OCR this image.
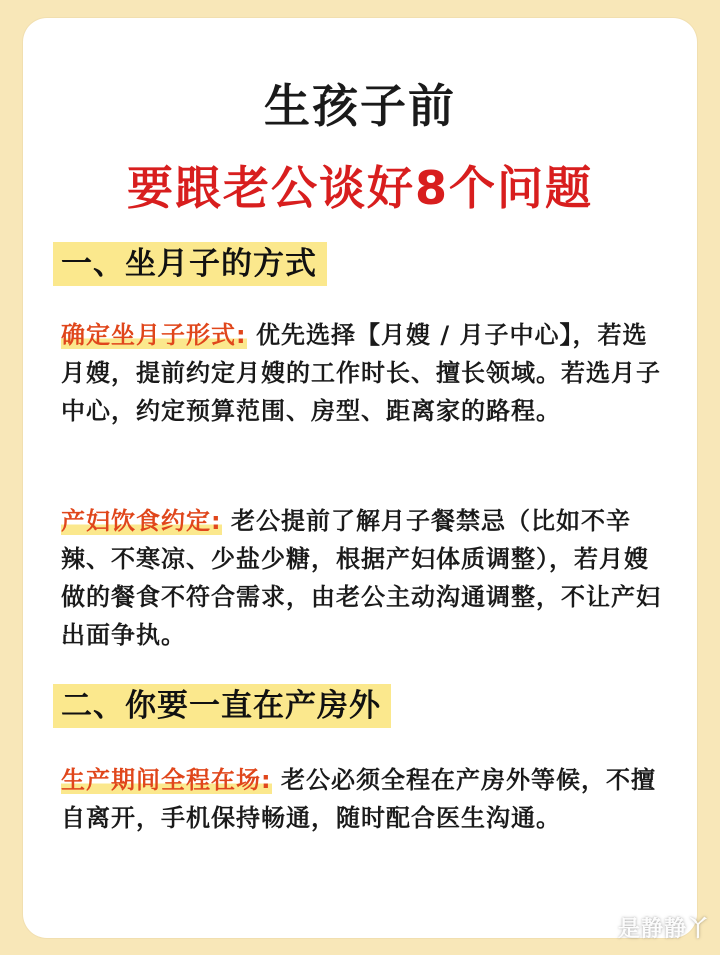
生孩子前
要跟老公谈好8个问题
一、坐月子的方式
确定坐月子形式: 优先选择【月嫂 / 月子中心】，若选月嫂，提前约定月嫂的工作时长、擅长领域。若选月子中心，约定预算范围、房型、距离家的路程。
产妇饮食约定: 老公提前了解月子餐禁忌（比如不辛辣、不寒凉、少盐少糖，根据产妇体质调整），若月嫂做的餐食不符合需求，由老公主动沟通调整，不让产妇出面争执。
二、你要一直在产房外
生产期间全程在场: 老公必须全程在产房外等候，不擅自离开，手机保持畅通，随时配合医生沟通。
是静静丫
